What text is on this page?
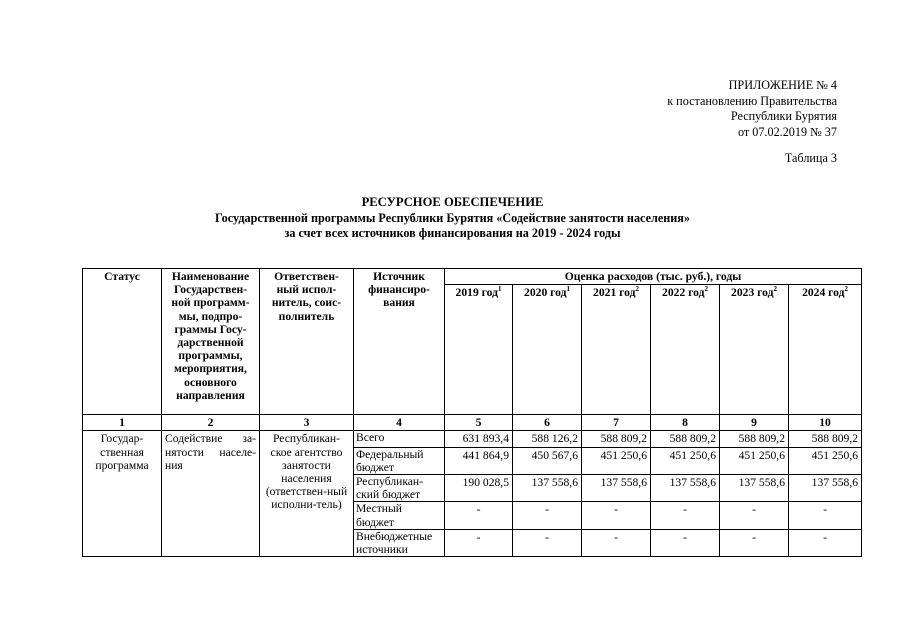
ПРИЛОЖЕНИЕ № 4
к постановлению Правительства
Республики Бурятия
от 07.02.2019 № 37
Таблица 3
РЕСУРСНОЕ ОБЕСПЕЧЕНИЕ
Государственной программы Республики Бурятия «Содействие занятости населения»
за счет всех источников финансирования на 2019 - 2024 годы
Статус	Наименование Государствен-ной программ-мы, подпро-граммы Госу-дарственной программы, мероприятия, основного направления	Ответствен-ный испол-нитель, соис-полнитель	Источник финансиро-вания	Оценка расходов (тыс. руб.), годы					
				2019 год$^1$	2020 год$^1$	2021 год$^2$	2022 год$^2$	2023 год$^2$	2024 год$^2$
1	2	3	4	5	6	7	8	9	10
Государ-ственная программа	Содействие за-нятости населе-ния	Республикан-ское агентство занятости населения (ответствен-ный исполни-тель)	Всего	631 893,4	588 126,2	588 809,2	588 809,2	588 809,2	588 809,2
			Федеральный бюджет	441 864,9	450 567,6	451 250,6	451 250,6	451 250,6	451 250,6
			Республикан-ский бюджет	190 028,5	137 558,6	137 558,6	137 558,6	137 558,6	137 558,6
			Местный бюджет	-	-	-	-	-	-
			Внебюджетные источники	-	-	-	-	-	-
